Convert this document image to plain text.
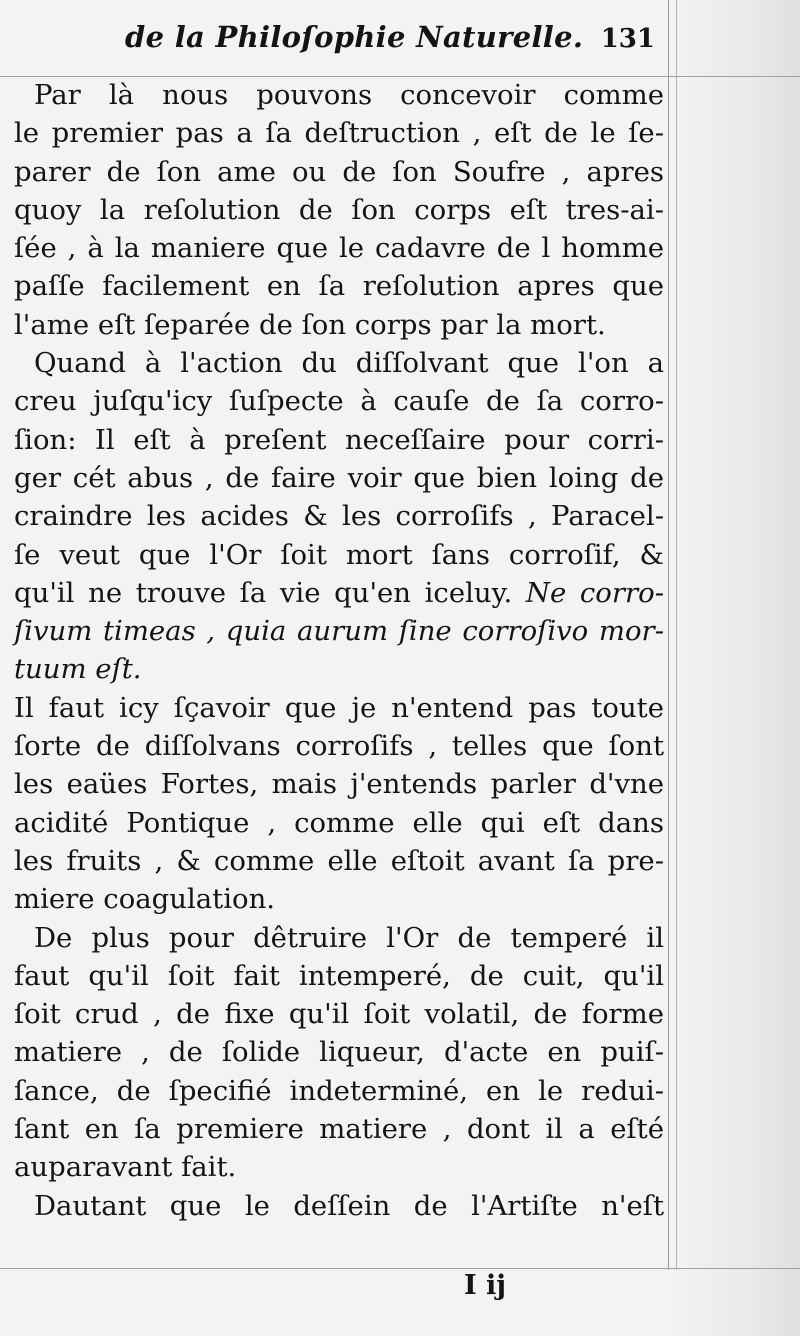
de la Philoſophie Naturelle. 131
Par là nous pouvons concevoir comme
le premier pas a ſa deſtruction , eſt de le ſe-
parer de ſon ame ou de ſon Soufre , apres
quoy la reſolution de ſon corps eſt tres-ai-
ſée , à la maniere que le cadavre de l homme
paſſe facilement en ſa reſolution apres que
l'ame eſt ſeparée de ſon corps par la mort.
Quand à l'action du diſſolvant que l'on a
creu juſqu'icy ſuſpecte à cauſe de ſa corro-
ſion: Il eſt à preſent neceſſaire pour corri-
ger cét abus , de faire voir que bien loing de
craindre les acides & les corroſifs , Paracel-
ſe veut que l'Or ſoit mort ſans corroſif, &
qu'il ne trouve ſa vie qu'en iceluy. Ne corro-
ſivum timeas , quia aurum ſine corroſivo mor-
tuum eſt.
Il faut icy ſçavoir que je n'entend pas toute
ſorte de diſſolvans corroſifs , telles que ſont
les eaües Fortes, mais j'entends parler d'vne
acidité Pontique , comme elle qui eſt dans
les fruits , & comme elle eſtoit avant ſa pre-
miere coagulation.
De plus pour dêtruire l'Or de temperé il
faut qu'il ſoit fait intemperé, de cuit, qu'il
ſoit crud , de fixe qu'il ſoit volatil, de forme
matiere , de ſolide liqueur, d'acte en puiſ-
ſance, de ſpecifié indeterminé, en le redui-
ſant en ſa premiere matiere , dont il a eſté
auparavant fait.
Dautant que le deſſein de l'Artiſte n'eſt
I ij
